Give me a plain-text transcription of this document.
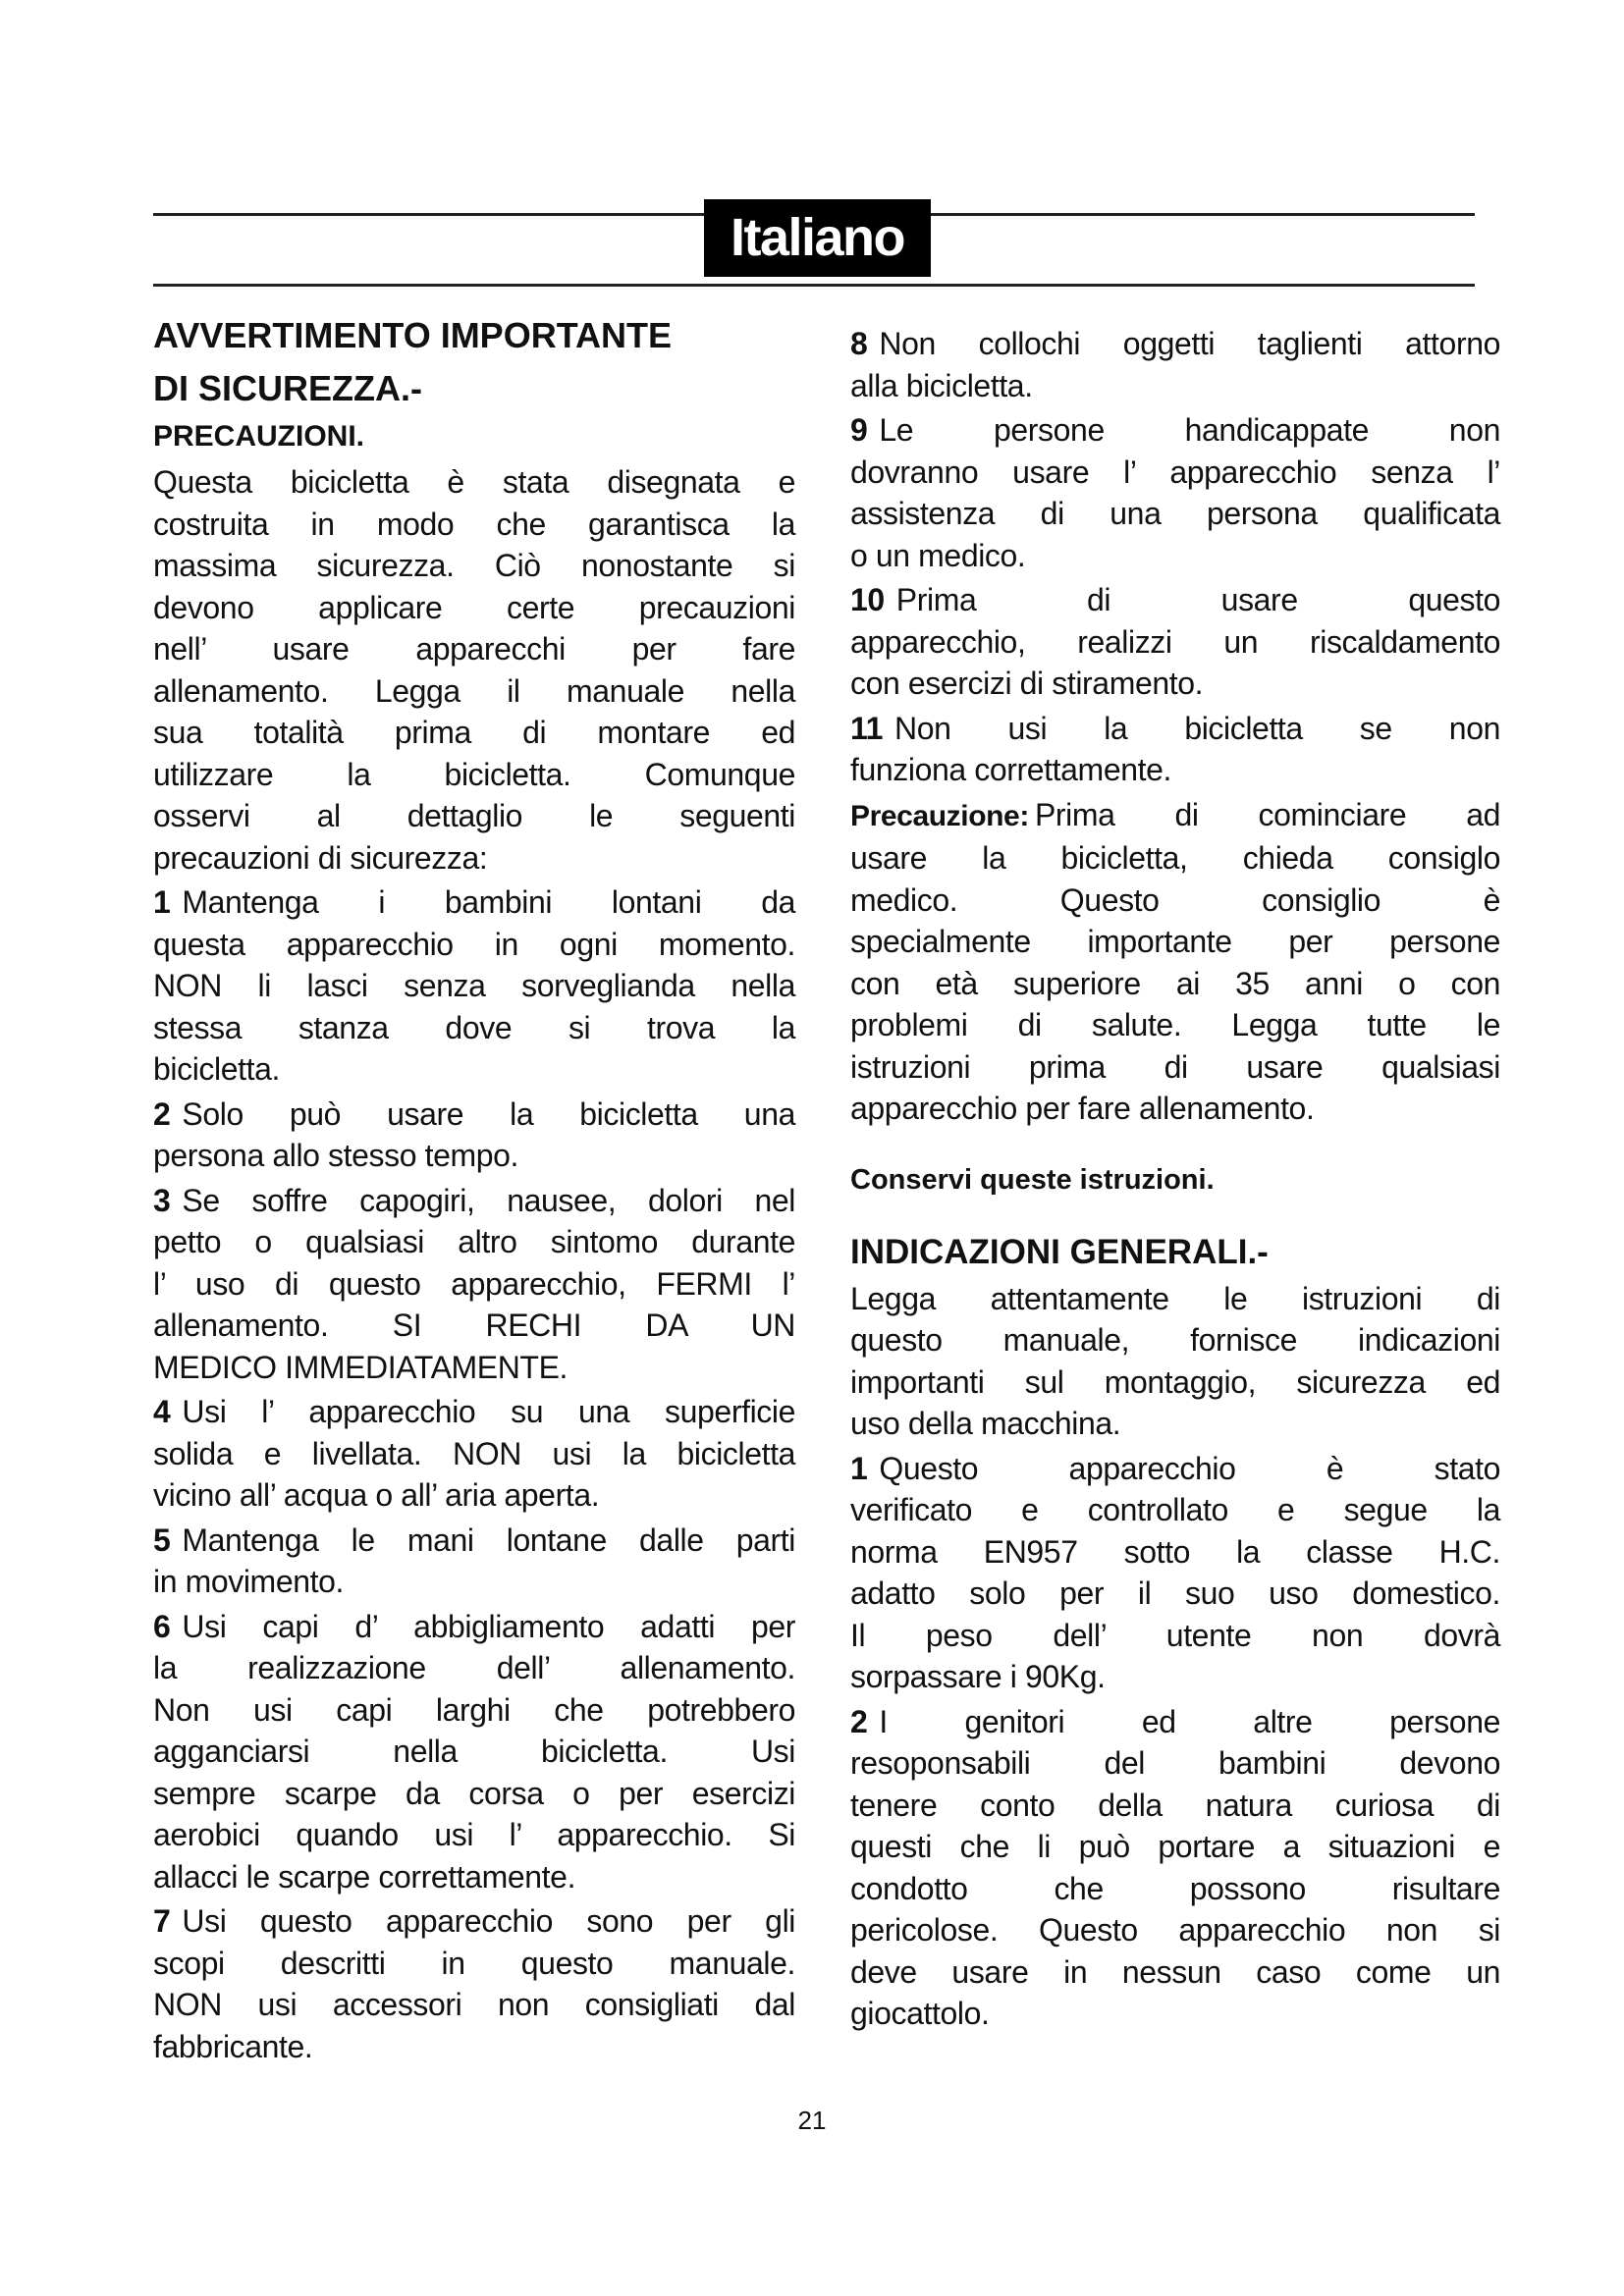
Italiano
AVVERTIMENTO IMPORTANTE
DI SICUREZZA.-
PRECAUZIONI.
Questa bicicletta è stata disegnata e
costruita in modo che garantisca la
massima sicurezza. Ciò nonostante si
devono applicare certe precauzioni
nell’ usare apparecchi per fare
allenamento. Legga il manuale nella
sua totalità prima di montare ed
utilizzare la bicicletta. Comunque
osservi al dettaglio le seguenti
precauzioni di sicurezza:
1 Mantenga i bambini lontani da
questa apparecchio in ogni momento.
NON li lasci senza sorveglianda nella
stessa stanza dove si trova la
bicicletta.
2 Solo può usare la bicicletta una
persona allo stesso tempo.
3 Se soffre capogiri, nausee, dolori nel
petto o qualsiasi altro sintomo durante
l’ uso di questo apparecchio, FERMI l’
allenamento. SI RECHI DA UN
MEDICO IMMEDIATAMENTE.
4 Usi l’ apparecchio su una superficie
solida e livellata. NON usi la bicicletta
vicino all’ acqua o all’ aria aperta.
5 Mantenga le mani lontane dalle parti
in movimento.
6 Usi capi d’ abbigliamento adatti per
la realizzazione dell’ allenamento.
Non usi capi larghi che potrebbero
agganciarsi nella bicicletta. Usi
sempre scarpe da corsa o per esercizi
aerobici quando usi l’ apparecchio. Si
allacci le scarpe correttamente.
7 Usi questo apparecchio sono per gli
scopi descritti in questo manuale.
NON usi accessori non consigliati dal
fabbricante.
8 Non collochi oggetti taglienti attorno
alla bicicletta.
9 Le persone handicappate non
dovranno usare l’ apparecchio senza l’
assistenza di una persona qualificata
o un medico.
10 Prima di usare questo
apparecchio, realizzi un riscaldamento
con esercizi di stiramento.
11 Non usi la bicicletta se non
funziona correttamente.
Precauzione: Prima di cominciare ad
usare la bicicletta, chieda consiglo
medico. Questo consiglio è
specialmente importante per persone
con età superiore ai 35 anni o con
problemi di salute. Legga tutte le
istruzioni prima di usare qualsiasi
apparecchio per fare allenamento.
Conservi queste istruzioni.
INDICAZIONI GENERALI.-
Legga attentamente le istruzioni di
questo manuale, fornisce indicazioni
importanti sul montaggio, sicurezza ed
uso della macchina.
1 Questo apparecchio è stato
verificato e controllato e segue la
norma EN957 sotto la classe H.C.
adatto solo per il suo uso domestico.
Il peso dell’ utente non dovrà
sorpassare i 90Kg.
2 I genitori ed altre persone
resoponsabili del bambini devono
tenere conto della natura curiosa di
questi che li può portare a situazioni e
condotto che possono risultare
pericolose. Questo apparecchio non si
deve usare in nessun caso come un
giocattolo.
21
